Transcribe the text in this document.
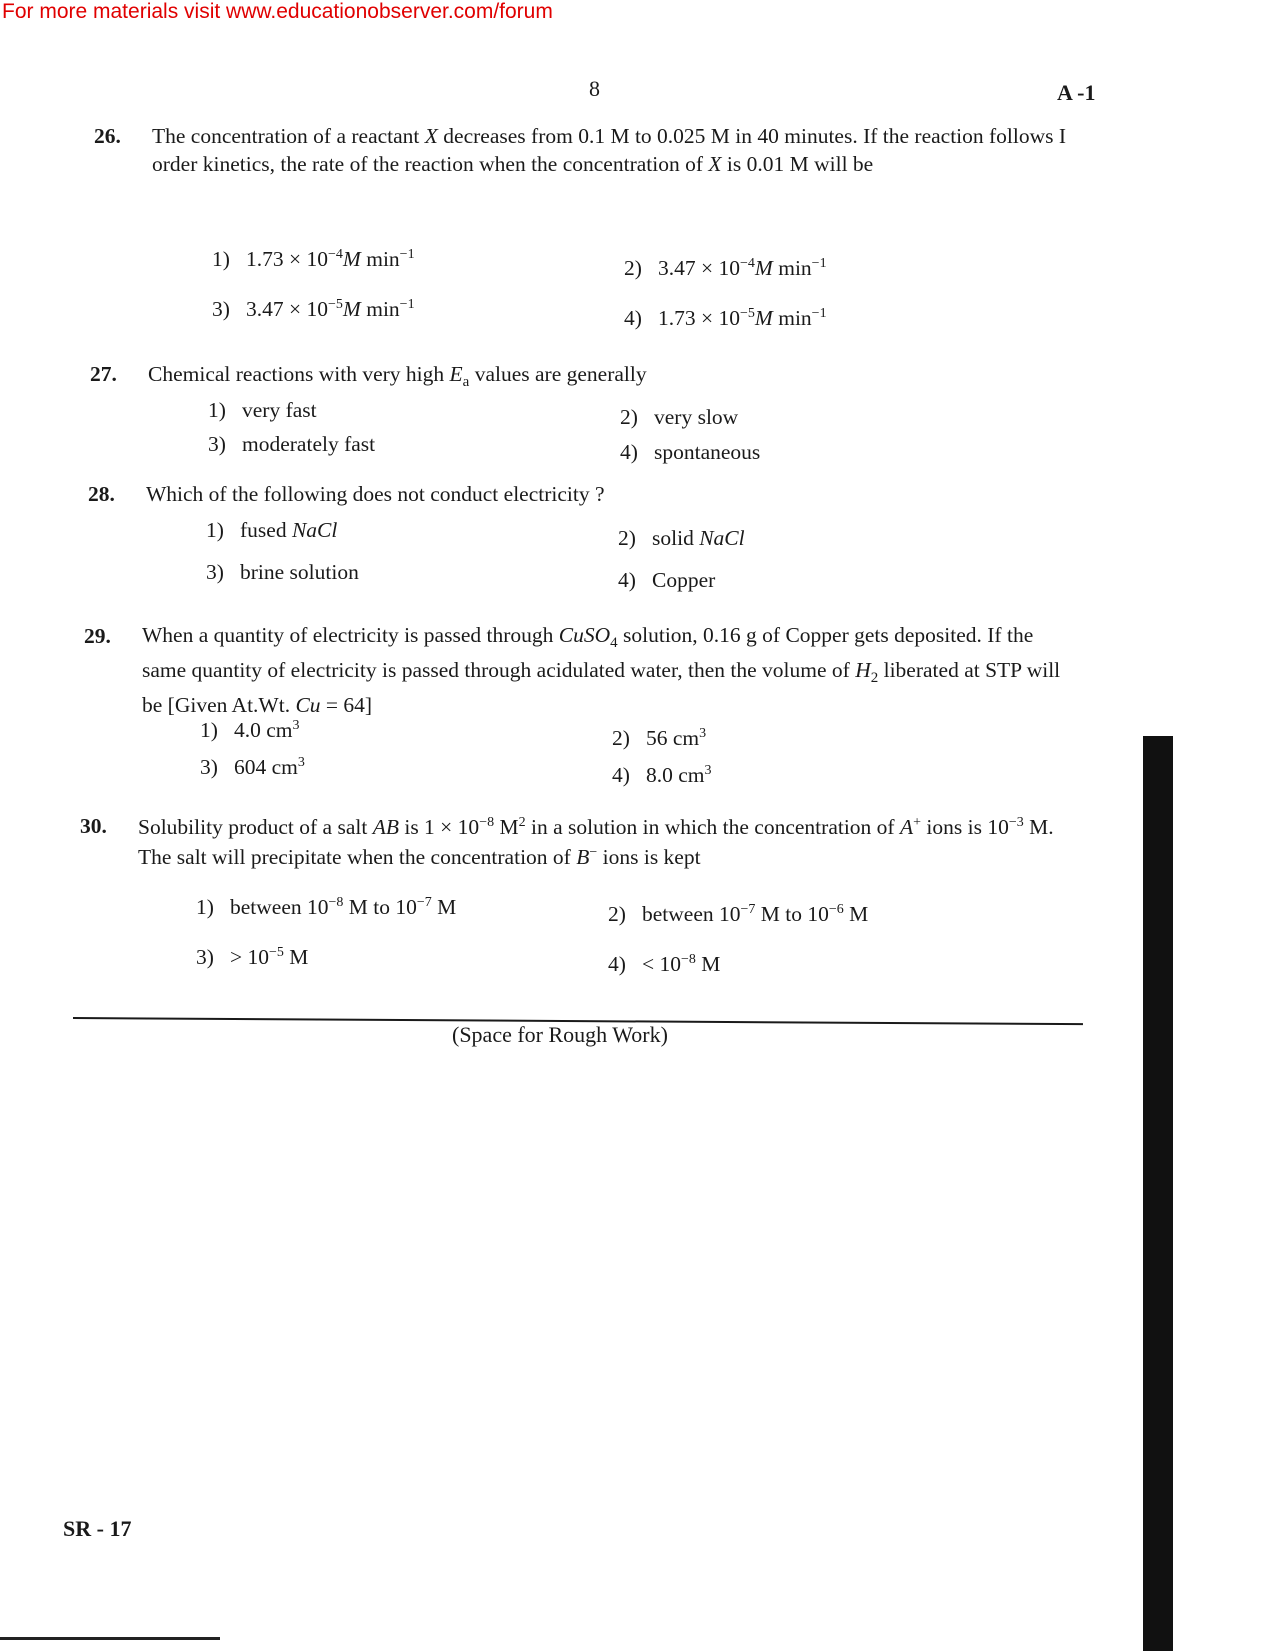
For more materials visit www.educationobserver.com/forum
8	A -1
26. The concentration of a reactant X decreases from 0.1 M to 0.025 M in 40 minutes. If the reaction follows I order kinetics, the rate of the reaction when the concentration of X is 0.01 M will be
1) $1.73 \times 10^{-4}M$ $\min^{-1}$
2) $3.47 \times 10^{-4}M$ $\min^{-1}$
3) $3.47 \times 10^{-5}M$ $\min^{-1}$
4) $1.73 \times 10^{-5}M$ $\min^{-1}$
27. Chemical reactions with very high $E_a$ values are generally
1) very fast	2) very slow
3) moderately fast	4) spontaneous
28. Which of the following does not conduct electricity ?
1) fused NaCl	2) solid NaCl
3) brine solution	4) Copper
29. When a quantity of electricity is passed through CuSO$_4$ solution, 0.16 g of Copper gets deposited. If the same quantity of electricity is passed through acidulated water, then the volume of $H_2$ liberated at STP will be [Given At.Wt. Cu = 64]
1) 4.0 $cm^3$
2) 56 $cm^3$
3) 604 $cm^3$
4) 8.0 $cm^3$
30. Solubility product of a salt AB is $1 \times 10^{-8}$ $M^2$ in a solution in which the concentration of A+ ions is $10^{-3}$ M. The salt will precipitate when the concentration of B− ions is kept
1) between $10^{-8}$ M to $10^{-7}$ M	2) between $10^{-7}$ M to $10^{-6}$ M
$3) > 10^{-5}$ M	$4) < 10^{-8}$ M
(Space for Rough Work)
SR - 17
